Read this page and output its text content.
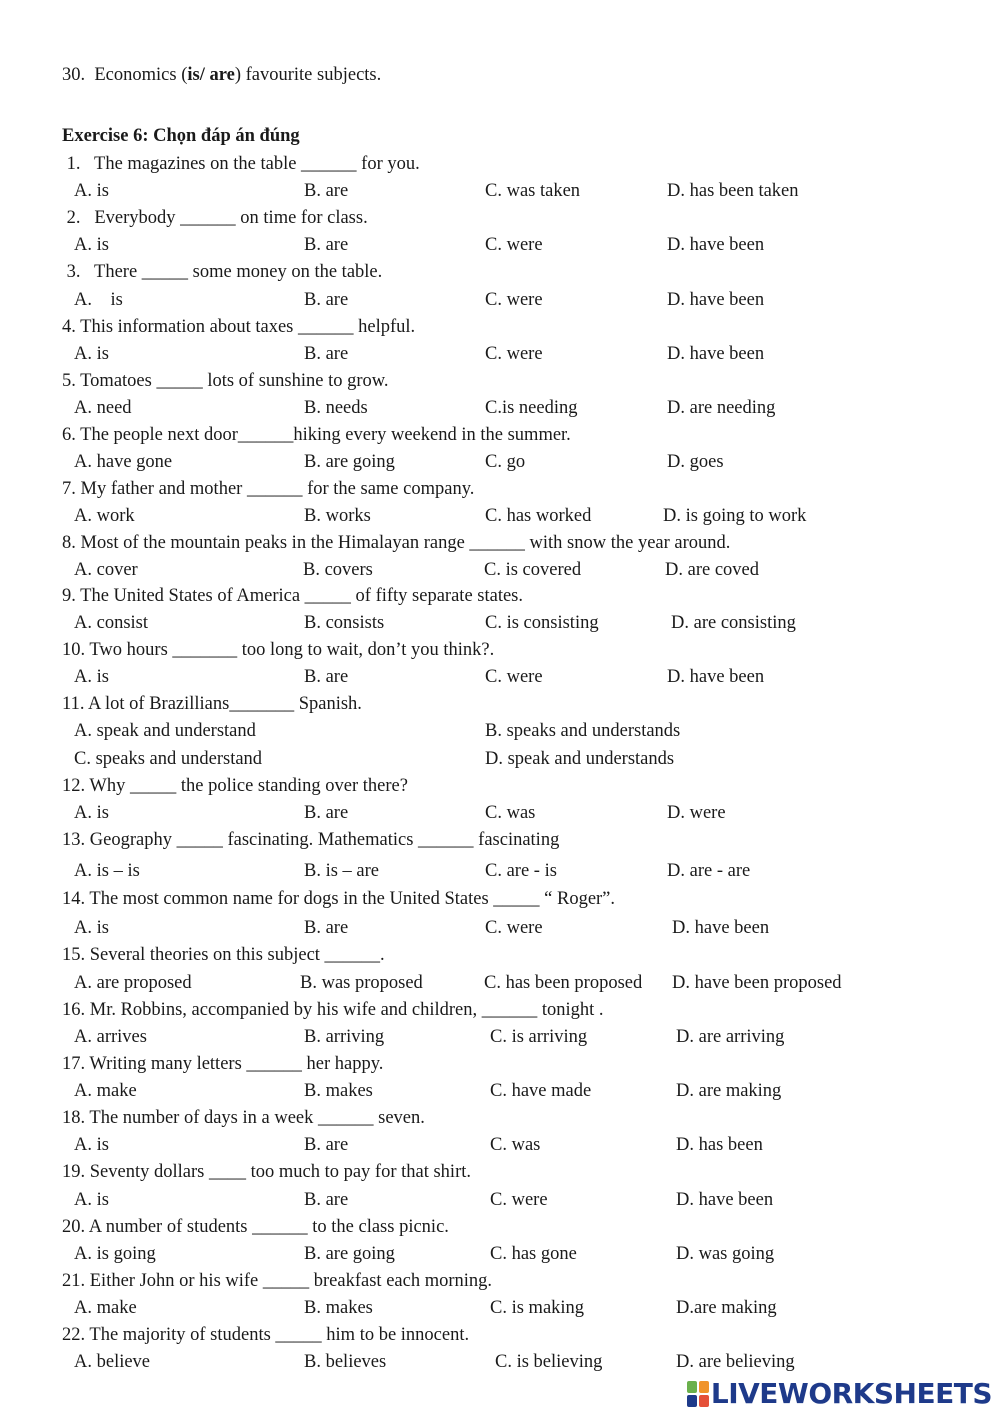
30.  Economics (is/ are) favourite subjects.
Exercise 6: Chọn đáp án đúng
1.   The magazines on the table ______ for you.
A. is	B. are	C. was taken	D. has been taken
2.   Everybody ______ on time for class.
A. is	B. are	C. were	D. have been
3.   There _____ some money on the table.
A.    is	B. are	C. were	D. have been
4. This information about taxes ______ helpful.
A. is	B. are	C. were	D. have been
5. Tomatoes _____ lots of sunshine to grow.
A. need	B. needs	C.is needing	D. are needing
6. The people next door______hiking every weekend in the summer.
A. have gone	B. are going	C. go	D. goes
7. My father and mother ______ for the same company.
A. work	B. works	C. has worked	D. is going to work
8. Most of the mountain peaks in the Himalayan range ______ with snow the year around.
A. cover	B. covers	C. is covered	D. are coved
9. The United States of America _____ of fifty separate states.
A. consist	B. consists	C. is consisting	D. are consisting
10. Two hours _______ too long to wait, don’t you think?.
A. is	B. are	C. were	D. have been
11. A lot of Brazillians_______ Spanish.
A. speak and understand	B. speaks and understands
C. speaks and understand	D. speak and understands
12. Why _____ the police standing over there?
A. is	B. are	C. was	D. were
13. Geography _____ fascinating. Mathematics ______ fascinating
A. is – is	B. is – are	C. are - is	D. are - are
14. The most common name for dogs in the United States _____ “ Roger”.
A. is	B. are	C. were	D. have been
15. Several theories on this subject ______.
A. are proposed	B. was proposed	C. has been proposed D. have been proposed
16. Mr. Robbins, accompanied by his wife and children, ______ tonight .
A. arrives	B. arriving	C. is arriving	D. are arriving
17. Writing many letters ______ her happy.
A. make	B. makes	C. have made	D. are making
18. The number of days in a week ______ seven.
A. is	B. are	C. was	D. has been
19. Seventy dollars ____ too much to pay for that shirt.
A. is	B. are	C. were	D. have been
20. A number of students ______ to the class picnic.
A. is going	B. are going	C. has gone	D. was going
21. Either John or his wife _____ breakfast each morning.
A. make	B. makes	C. is making	D.are making
22. The majority of students _____ him to be innocent.
A. believe	B. believes	C. is believing	D. are believing
LIVEWORKSHEETS
